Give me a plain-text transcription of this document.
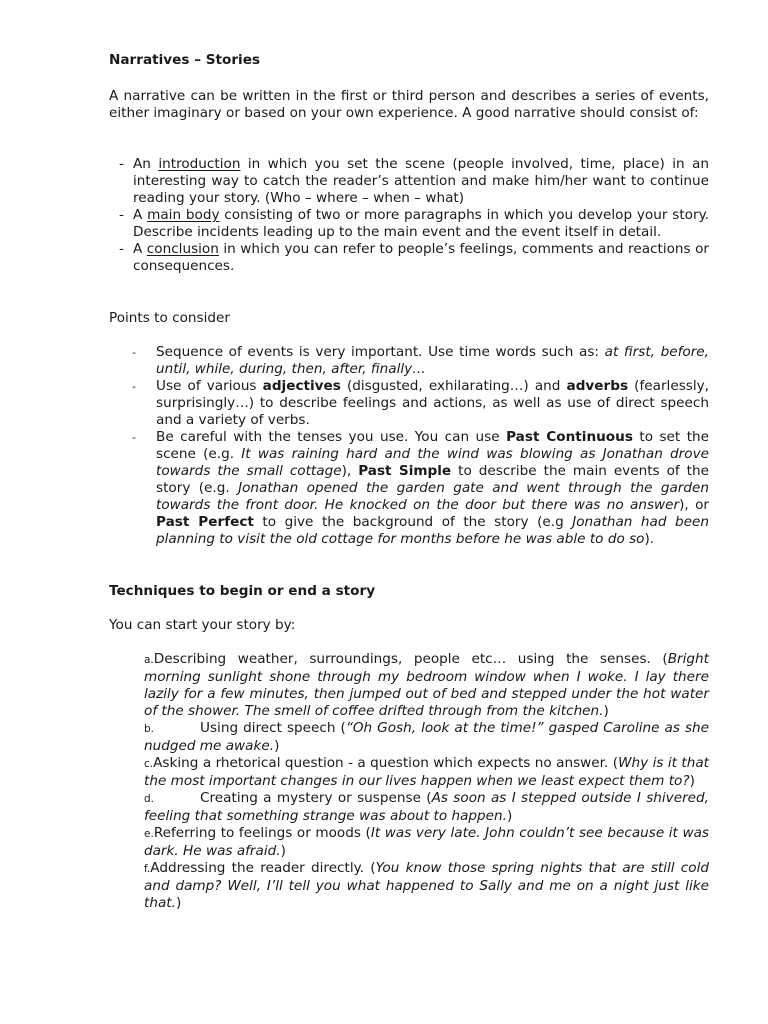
Narratives – Stories
A narrative can be written in the first or third person and describes a series of events, either imaginary or based on your own experience. A good narrative should consist of:
- An introduction in which you set the scene (people involved, time, place) in an interesting way to catch the reader’s attention and make him/her want to continue reading your story. (Who – where – when – what)
- A main body consisting of two or more paragraphs in which you develop your story. Describe incidents leading up to the main event and the event itself in detail.
- A conclusion in which you can refer to people’s feelings, comments and reactions or consequences.
Points to consider
- Sequence of events is very important. Use time words such as: at first, before, until, while, during, then, after, finally…
- Use of various adjectives (disgusted, exhilarating…) and adverbs (fearlessly, surprisingly…) to describe feelings and actions, as well as use of direct speech and a variety of verbs.
- Be careful with the tenses you use. You can use Past Continuous to set the scene (e.g. It was raining hard and the wind was blowing as Jonathan drove towards the small cottage), Past Simple to describe the main events of the story (e.g. Jonathan opened the garden gate and went through the garden towards the front door. He knocked on the door but there was no answer), or Past Perfect to give the background of the story (e.g Jonathan had been planning to visit the old cottage for months before he was able to do so).
Techniques to begin or end a story
You can start your story by:
a.Describing weather, surroundings, people etc… using the senses. (Bright morning sunlight shone through my bedroom window when I woke. I lay there lazily for a few minutes, then jumped out of bed and stepped under the hot water of the shower. The smell of coffee drifted through from the kitchen.)
b.	Using direct speech (“Oh Gosh, look at the time!” gasped Caroline as she nudged me awake.)
c.Asking a rhetorical question - a question which expects no answer. (Why is it that the most important changes in our lives happen when we least expect them to?)
d.	Creating a mystery or suspense (As soon as I stepped outside I shivered, feeling that something strange was about to happen.)
e.Referring to feelings or moods (It was very late. John couldn’t see because it was dark. He was afraid.)
f.Addressing the reader directly. (You know those spring nights that are still cold and damp? Well, I’ll tell you what happened to Sally and me on a night just like that.)
